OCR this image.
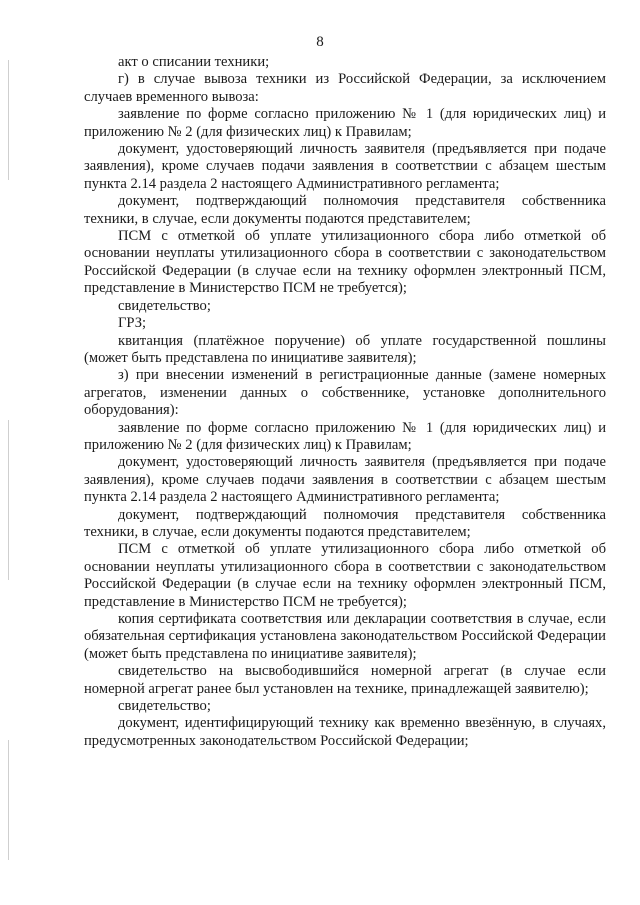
8

акт о списании техники;

г) в случае вывоза техники из Российской Федерации, за исключением случаев временного вывоза:

заявление по форме согласно приложению № 1 (для юридических лиц) и приложению № 2 (для физических лиц) к Правилам;

документ, удостоверяющий личность заявителя (предъявляется при подаче заявления), кроме случаев подачи заявления в соответствии с абзацем шестым пункта 2.14 раздела 2 настоящего Административного регламента;

документ, подтверждающий полномочия представителя собственника техники, в случае, если документы подаются представителем;

ПСМ с отметкой об уплате утилизационного сбора либо отметкой об основании неуплаты утилизационного сбора в соответствии с законодательством Российской Федерации (в случае если на технику оформлен электронный ПСМ, представление в Министерство ПСМ не требуется);

свидетельство;

ГРЗ;

квитанция (платёжное поручение) об уплате государственной пошлины (может быть представлена по инициативе заявителя);

з) при внесении изменений в регистрационные данные (замене номерных агрегатов, изменении данных о собственнике, установке дополнительного оборудования):

заявление по форме согласно приложению № 1 (для юридических лиц) и приложению № 2 (для физических лиц) к Правилам;

документ, удостоверяющий личность заявителя (предъявляется при подаче заявления), кроме случаев подачи заявления в соответствии с абзацем шестым пункта 2.14 раздела 2 настоящего Административного регламента;

документ, подтверждающий полномочия представителя собственника техники, в случае, если документы подаются представителем;

ПСМ с отметкой об уплате утилизационного сбора либо отметкой об основании неуплаты утилизационного сбора в соответствии с законодательством Российской Федерации (в случае если на технику оформлен электронный ПСМ, представление в Министерство ПСМ не требуется);

копия сертификата соответствия или декларации соответствия в случае, если обязательная сертификация установлена законодательством Российской Федерации (может быть представлена по инициативе заявителя);

свидетельство на высвободившийся номерной агрегат (в случае если номерной агрегат ранее был установлен на технике, принадлежащей заявителю);

свидетельство;

документ, идентифицирующий технику как временно ввезённую, в случаях, предусмотренных законодательством Российской Федерации;
